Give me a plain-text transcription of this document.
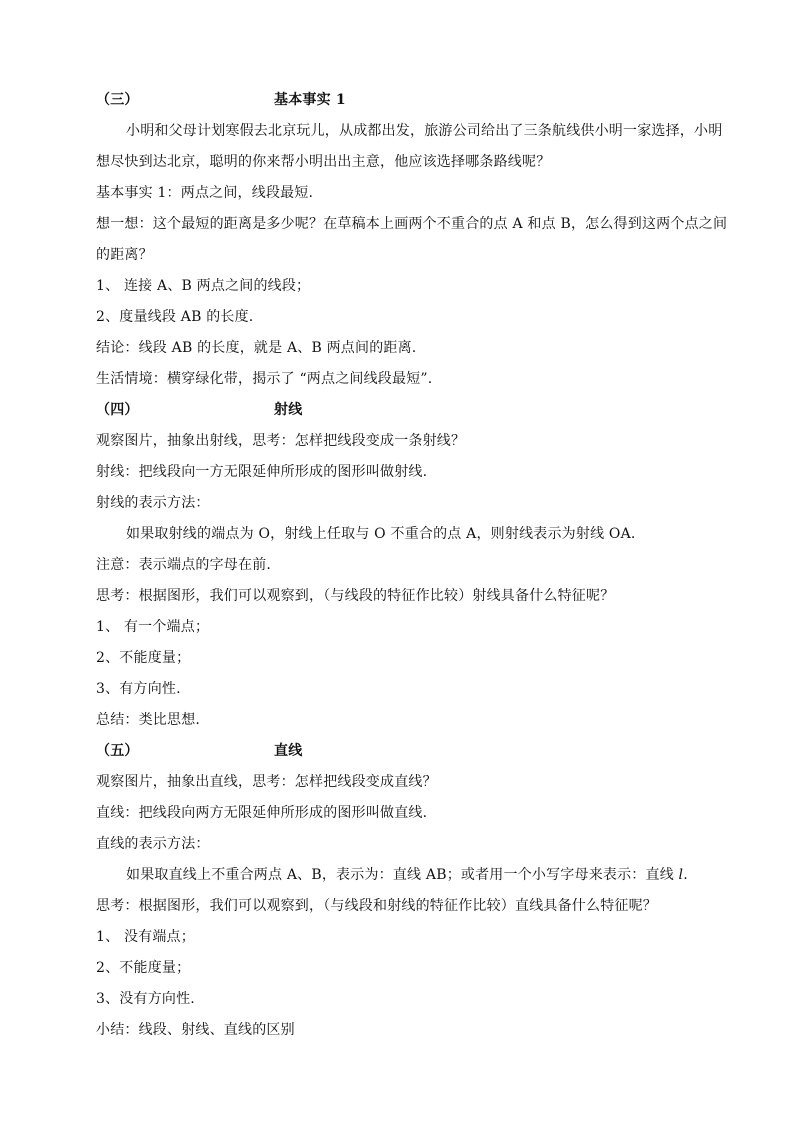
（三）	基本事实 1
小明和父母计划寒假去北京玩儿，从成都出发，旅游公司给出了三条航线供小明一家选择，小明
想尽快到达北京，聪明的你来帮小明出出主意，他应该选择哪条路线呢？
基本事实 1：两点之间，线段最短.
想一想：这个最短的距离是多少呢？在草稿本上画两个不重合的点 A 和点 B，怎么得到这两个点之间
的距离？
1、 连接 A、B 两点之间的线段；
2、度量线段 AB 的长度.
结论：线段 AB 的长度，就是 A、B 两点间的距离.
生活情境：横穿绿化带，揭示了 “两点之间线段最短”.
（四）	射线
观察图片，抽象出射线，思考：怎样把线段变成一条射线？
射线：把线段向一方无限延伸所形成的图形叫做射线.
射线的表示方法：
如果取射线的端点为 O，射线上任取与 O 不重合的点 A，则射线表示为射线 OA.
注意：表示端点的字母在前.
思考：根据图形，我们可以观察到，（与线段的特征作比较）射线具备什么特征呢？
1、 有一个端点；
2、不能度量；
3、有方向性.
总结：类比思想.
（五）	直线
观察图片，抽象出直线，思考：怎样把线段变成直线？
直线：把线段向两方无限延伸所形成的图形叫做直线.
直线的表示方法：
如果取直线上不重合两点 A、B，表示为：直线 AB；或者用一个小写字母来表示：直线 l.
思考：根据图形，我们可以观察到，（与线段和射线的特征作比较）直线具备什么特征呢？
1、 没有端点；
2、不能度量；
3、没有方向性.
小结：线段、射线、直线的区别
